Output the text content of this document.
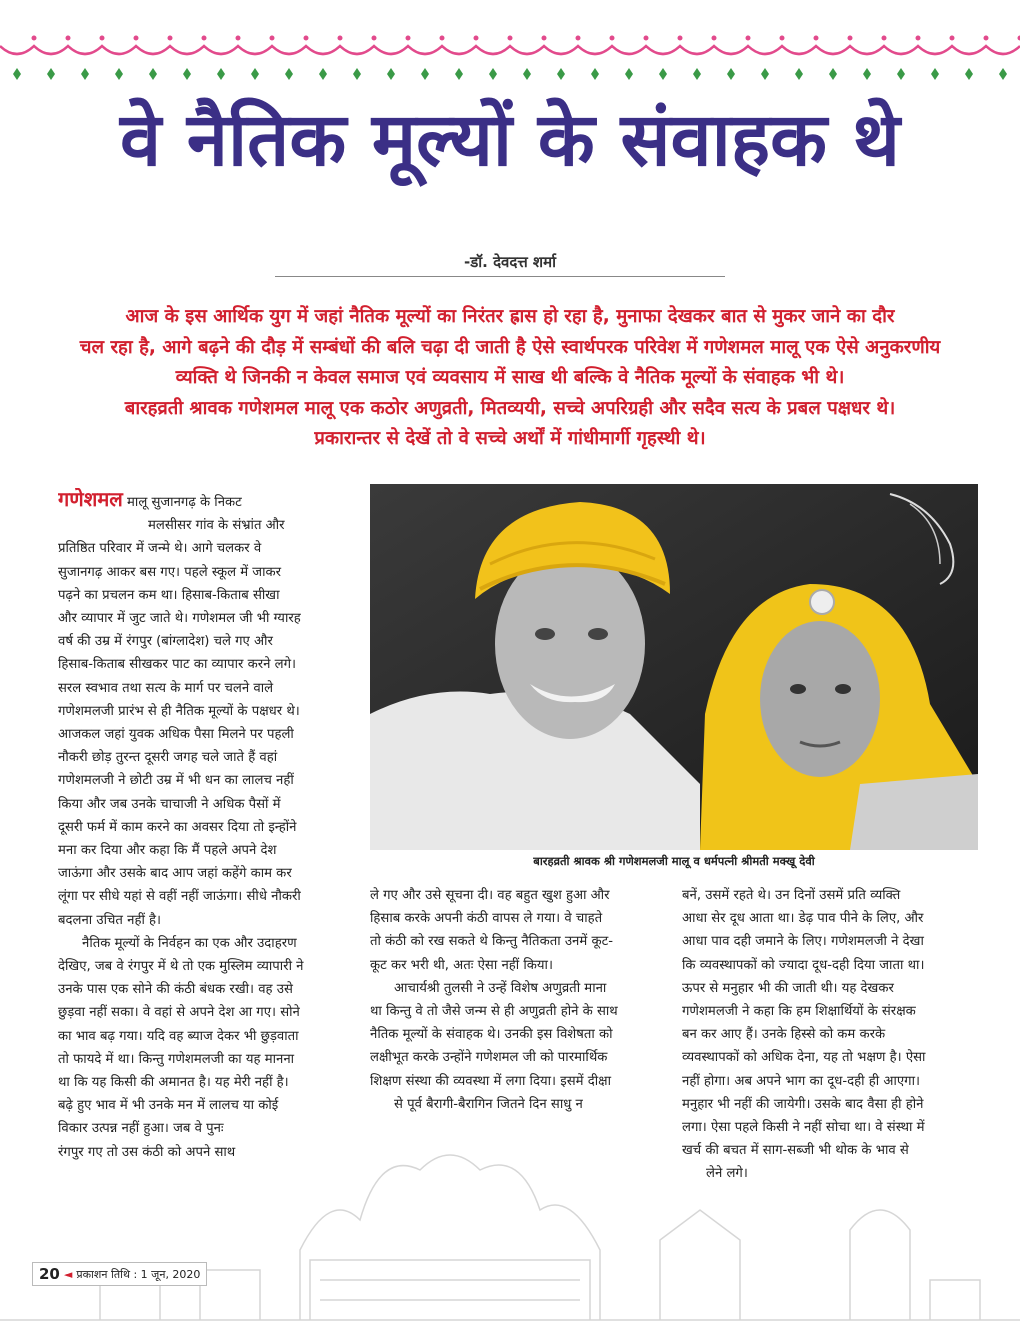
वे नैतिक मूल्यों के संवाहक थे
-डॉ. देवदत्त शर्मा

आज के इस आर्थिक युग में जहां नैतिक मूल्यों का निरंतर ह्रास हो रहा है, मुनाफा देखकर बात से मुकर जाने का दौर

चल रहा है, आगे बढ़ने की दौड़ में सम्बंधों की बलि चढ़ा दी जाती है ऐसे स्वार्थपरक परिवेश में गणेशमल मालू एक ऐसे अनुकरणीय

व्यक्ति थे जिनकी न केवल समाज एवं व्यवसाय में साख थी बल्कि वे नैतिक मूल्यों के संवाहक भी थे।

बारहव्रती श्रावक गणेशमल मालू एक कठोर अणुव्रती, मितव्ययी, सच्चे अपरिग्रही और सदैव सत्य के प्रबल पक्षधर थे।

प्रकारान्तर से देखें तो वे सच्चे अर्थों में गांधीमार्गी गृहस्थी थे।

गणेशमल मालू सुजानगढ़ के निकट

मलसीसर गांव के संभ्रांत और

प्रतिष्ठित परिवार में जन्मे थे। आगे चलकर वे

सुजानगढ़ आकर बस गए। पहले स्कूल में जाकर

पढ़ने का प्रचलन कम था। हिसाब-किताब सीखा

और व्यापार में जुट जाते थे। गणेशमल जी भी ग्यारह

वर्ष की उम्र में रंगपुर (बांग्लादेश) चले गए और

हिसाब-किताब सीखकर पाट का व्यापार करने लगे।

सरल स्वभाव तथा सत्य के मार्ग पर चलने वाले

गणेशमलजी प्रारंभ से ही नैतिक मूल्यों के पक्षधर थे।

आजकल जहां युवक अधिक पैसा मिलने पर पहली

नौकरी छोड़ तुरन्त दूसरी जगह चले जाते हैं वहां

गणेशमलजी ने छोटी उम्र में भी धन का लालच नहीं

किया और जब उनके चाचाजी ने अधिक पैसों में

दूसरी फर्म में काम करने का अवसर दिया तो इन्होंने

मना कर दिया और कहा कि मैं पहले अपने देश

जाऊंगा और उसके बाद आप जहां कहेंगे काम कर

लूंगा पर सीधे यहां से वहीं नहीं जाऊंगा। सीधे नौकरी

बदलना उचित नहीं है।

नैतिक मूल्यों के निर्वहन का एक और उदाहरण

देखिए, जब वे रंगपुर में थे तो एक मुस्लिम व्यापारी ने

उनके पास एक सोने की कंठी बंधक रखी। वह उसे

छुड़वा नहीं सका। वे वहां से अपने देश आ गए। सोने

का भाव बढ़ गया। यदि वह ब्याज देकर भी छुड़वाता

तो फायदे में था। किन्तु गणेशमलजी का यह मानना

था कि यह किसी की अमानत है। यह मेरी नहीं है।

बढ़े हुए भाव में भी उनके मन में लालच या कोई

विकार उत्पन्न नहीं हुआ। जब वे पुनः

रंगपुर गए तो उस कंठी को अपने साथ

बारहव्रती श्रावक श्री गणेशमलजी मालू व धर्मपत्नी श्रीमती मक्खू देवी

ले गए और उसे सूचना दी। वह बहुत खुश हुआ और

हिसाब करके अपनी कंठी वापस ले गया। वे चाहते

तो कंठी को रख सकते थे किन्तु नैतिकता उनमें कूट-

कूट कर भरी थी, अतः ऐसा नहीं किया।

आचार्यश्री तुलसी ने उन्हें विशेष अणुव्रती माना

था किन्तु वे तो जैसे जन्म से ही अणुव्रती होने के साथ

नैतिक मूल्यों के संवाहक थे। उनकी इस विशेषता को

लक्षीभूत करके उन्होंने गणेशमल जी को पारमार्थिक

शिक्षण संस्था की व्यवस्था में लगा दिया। इसमें दीक्षा

से पूर्व बैरागी-बैरागिन जितने दिन साधु न

बनें, उसमें रहते थे। उन दिनों उसमें प्रति व्यक्ति

आधा सेर दूध आता था। डेढ़ पाव पीने के लिए, और

आधा पाव दही जमाने के लिए। गणेशमलजी ने देखा

कि व्यवस्थापकों को ज्यादा दूध-दही दिया जाता था।

ऊपर से मनुहार भी की जाती थी। यह देखकर

गणेशमलजी ने कहा कि हम शिक्षार्थियों के संरक्षक

बन कर आए हैं। उनके हिस्से को कम करके

व्यवस्थापकों को अधिक देना, यह तो भक्षण है। ऐसा

नहीं होगा। अब अपने भाग का दूध-दही ही आएगा।

मनुहार भी नहीं की जायेगी। उसके बाद वैसा ही होने

लगा। ऐसा पहले किसी ने नहीं सोचा था। वे संस्था में

खर्च की बचत में साग-सब्जी भी थोक के भाव से

लेने लगे।

20 ◄ प्रकाशन तिथि : 1 जून, 2020
